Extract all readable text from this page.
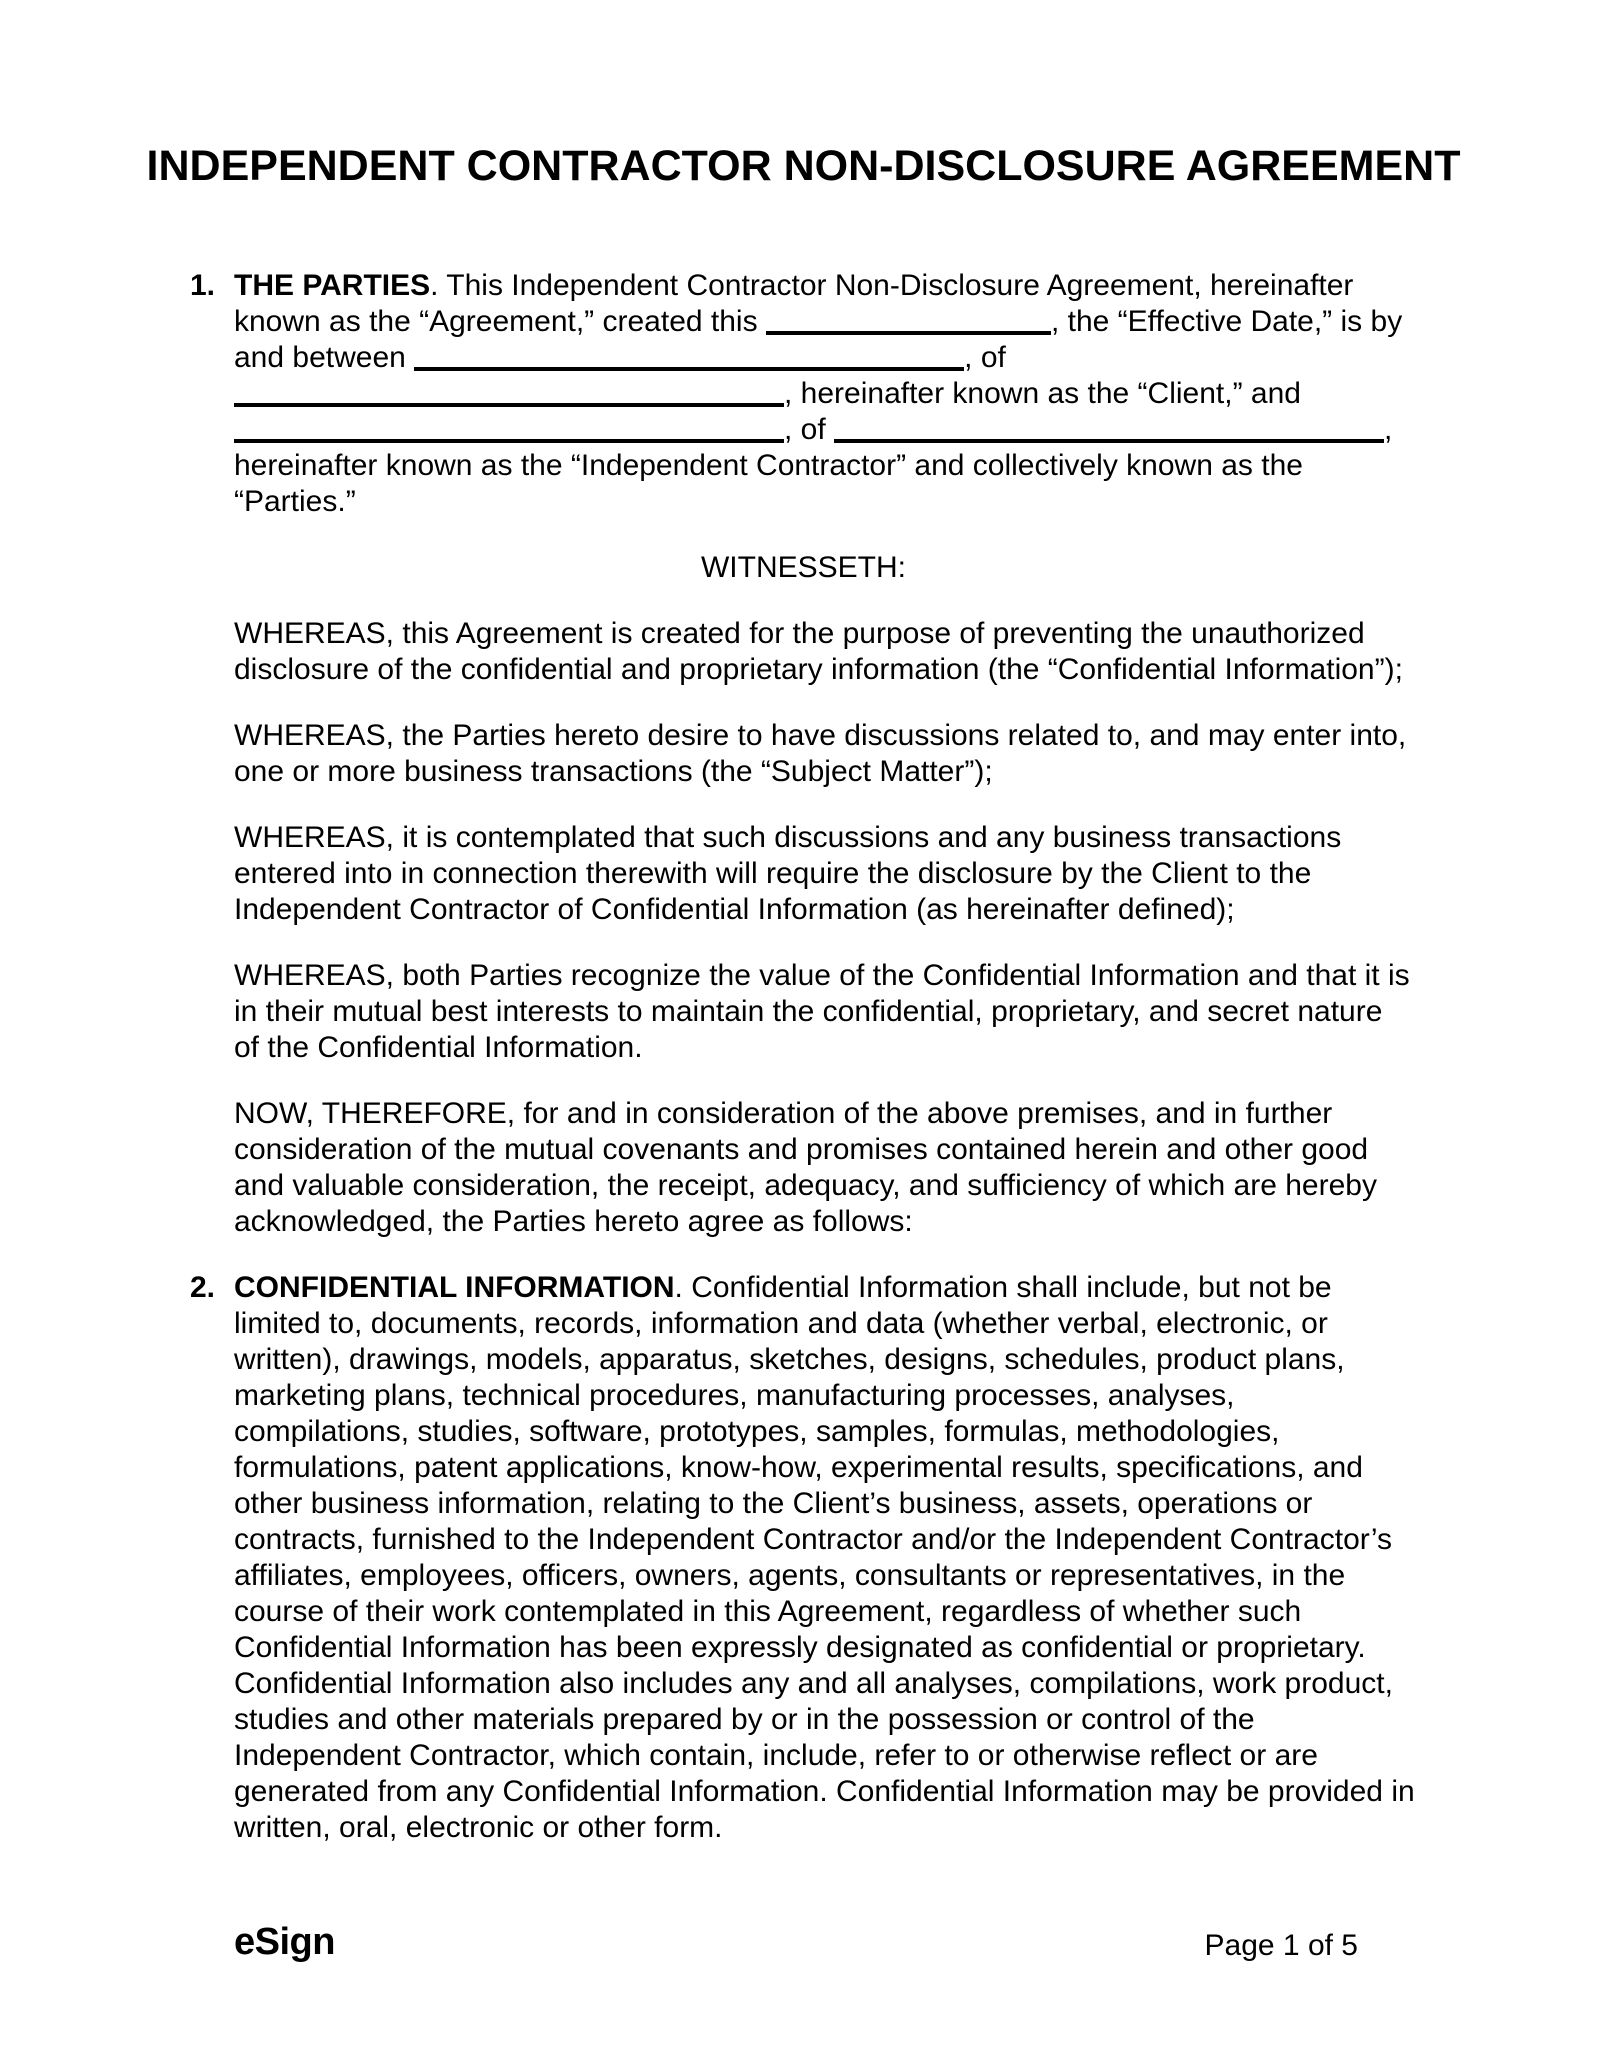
INDEPENDENT CONTRACTOR NON-DISCLOSURE AGREEMENT
1. THE PARTIES. This Independent Contractor Non-Disclosure Agreement, hereinafter known as the “Agreement,” created this	, the “Effective Date,” is by and between	, of , hereinafter known as the “Client,” and , of	, hereinafter known as the “Independent Contractor” and collectively known as the “Parties.”
WITNESSETH:
WHEREAS, this Agreement is created for the purpose of preventing the unauthorized disclosure of the confidential and proprietary information (the “Confidential Information”);
WHEREAS, the Parties hereto desire to have discussions related to, and may enter into, one or more business transactions (the “Subject Matter”);
WHEREAS, it is contemplated that such discussions and any business transactions entered into in connection therewith will require the disclosure by the Client to the Independent Contractor of Confidential Information (as hereinafter defined);
WHEREAS, both Parties recognize the value of the Confidential Information and that it is in their mutual best interests to maintain the confidential, proprietary, and secret nature of the Confidential Information.
NOW, THEREFORE, for and in consideration of the above premises, and in further consideration of the mutual covenants and promises contained herein and other good and valuable consideration, the receipt, adequacy, and sufficiency of which are hereby acknowledged, the Parties hereto agree as follows:
2. CONFIDENTIAL INFORMATION. Confidential Information shall include, but not be limited to, documents, records, information and data (whether verbal, electronic, or written), drawings, models, apparatus, sketches, designs, schedules, product plans, marketing plans, technical procedures, manufacturing processes, analyses, compilations, studies, software, prototypes, samples, formulas, methodologies, formulations, patent applications, know-how, experimental results, specifications, and other business information, relating to the Client’s business, assets, operations or contracts, furnished to the Independent Contractor and/or the Independent Contractor’s affiliates, employees, officers, owners, agents, consultants or representatives, in the course of their work contemplated in this Agreement, regardless of whether such Confidential Information has been expressly designated as confidential or proprietary. Confidential Information also includes any and all analyses, compilations, work product, studies and other materials prepared by or in the possession or control of the Independent Contractor, which contain, include, refer to or otherwise reflect or are generated from any Confidential Information. Confidential Information may be provided in written, oral, electronic or other form.
eSign	Page 1 of 5
